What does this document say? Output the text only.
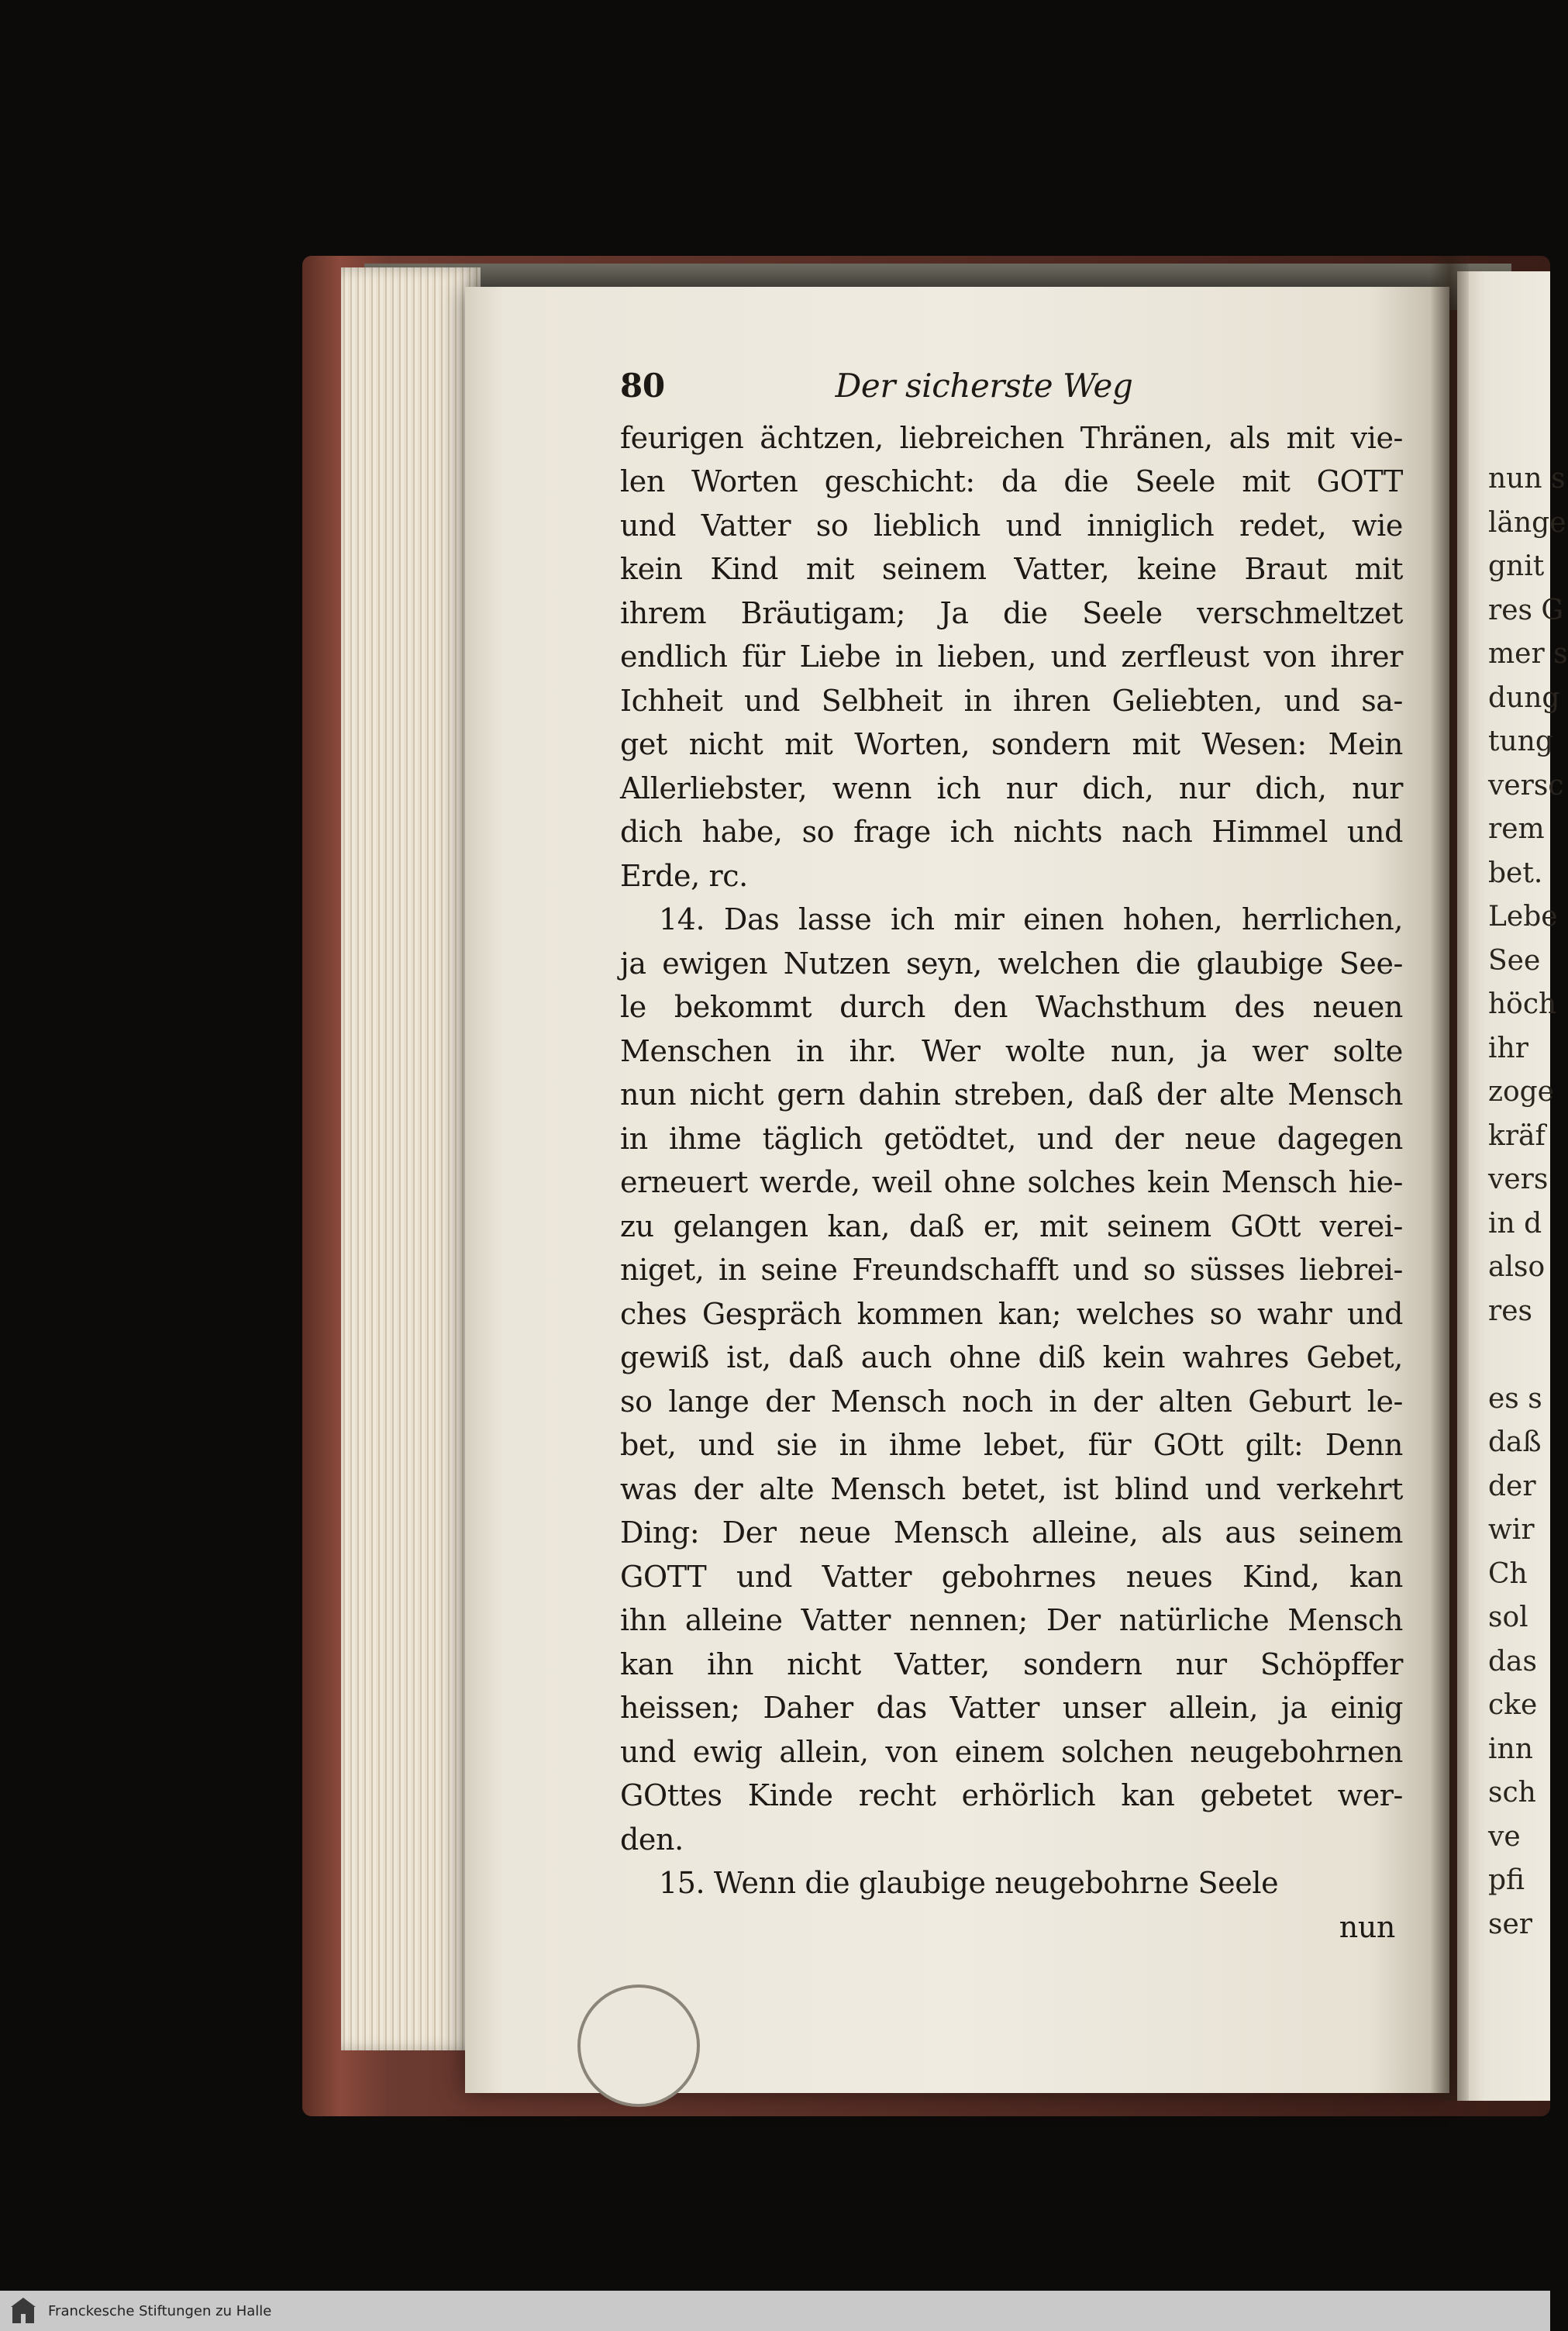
80	Der sicherste Weg
feurigen ächtzen, liebreichen Thränen, als mit vie-
len Worten geschicht: da die Seele mit GOTT
und Vatter so lieblich und inniglich redet, wie
kein Kind mit seinem Vatter, keine Braut mit
ihrem Bräutigam; Ja die Seele verschmeltzet
endlich für Liebe in lieben, und zerfleust von ihrer
Ichheit und Selbheit in ihren Geliebten, und sa-
get nicht mit Worten, sondern mit Wesen: Mein
Allerliebster, wenn ich nur dich, nur dich, nur
dich habe, so frage ich nichts nach Himmel und
Erde, rc.
14. Das lasse ich mir einen hohen, herrlichen,
ja ewigen Nutzen seyn, welchen die glaubige See-
le bekommt durch den Wachsthum des neuen
Menschen in ihr. Wer wolte nun, ja wer solte
nun nicht gern dahin streben, daß der alte Mensch
in ihme täglich getödtet, und der neue dagegen
erneuert werde, weil ohne solches kein Mensch hie-
zu gelangen kan, daß er, mit seinem GOtt verei-
niget, in seine Freundschafft und so süsses liebrei-
ches Gespräch kommen kan; welches so wahr und
gewiß ist, daß auch ohne diß kein wahres Gebet,
so lange der Mensch noch in der alten Geburt le-
bet, und sie in ihme lebet, für GOtt gilt: Denn
was der alte Mensch betet, ist blind und verkehrt
Ding: Der neue Mensch alleine, als aus seinem
GOTT und Vatter gebohrnes neues Kind, kan
ihn alleine Vatter nennen; Der natürliche Mensch
kan ihn nicht Vatter, sondern nur Schöpffer
heissen; Daher das Vatter unser allein, ja einig
und ewig allein, von einem solchen neugebohrnen
GOttes Kinde recht erhörlich kan gebetet wer-
den.
15. Wenn die glaubige neugebohrne Seele
nun
nun s
länge
gnit
res G
mer s
dung
tung
versc
rem
bet.
Lebe
See
höch
ihr
zoge
kräf
vers
in d
also
res
es s
daß
der
wir
Ch
sol
das
cke
inn
sch
ve
pfi
ser
Franckesche Stiftungen zu Halle
